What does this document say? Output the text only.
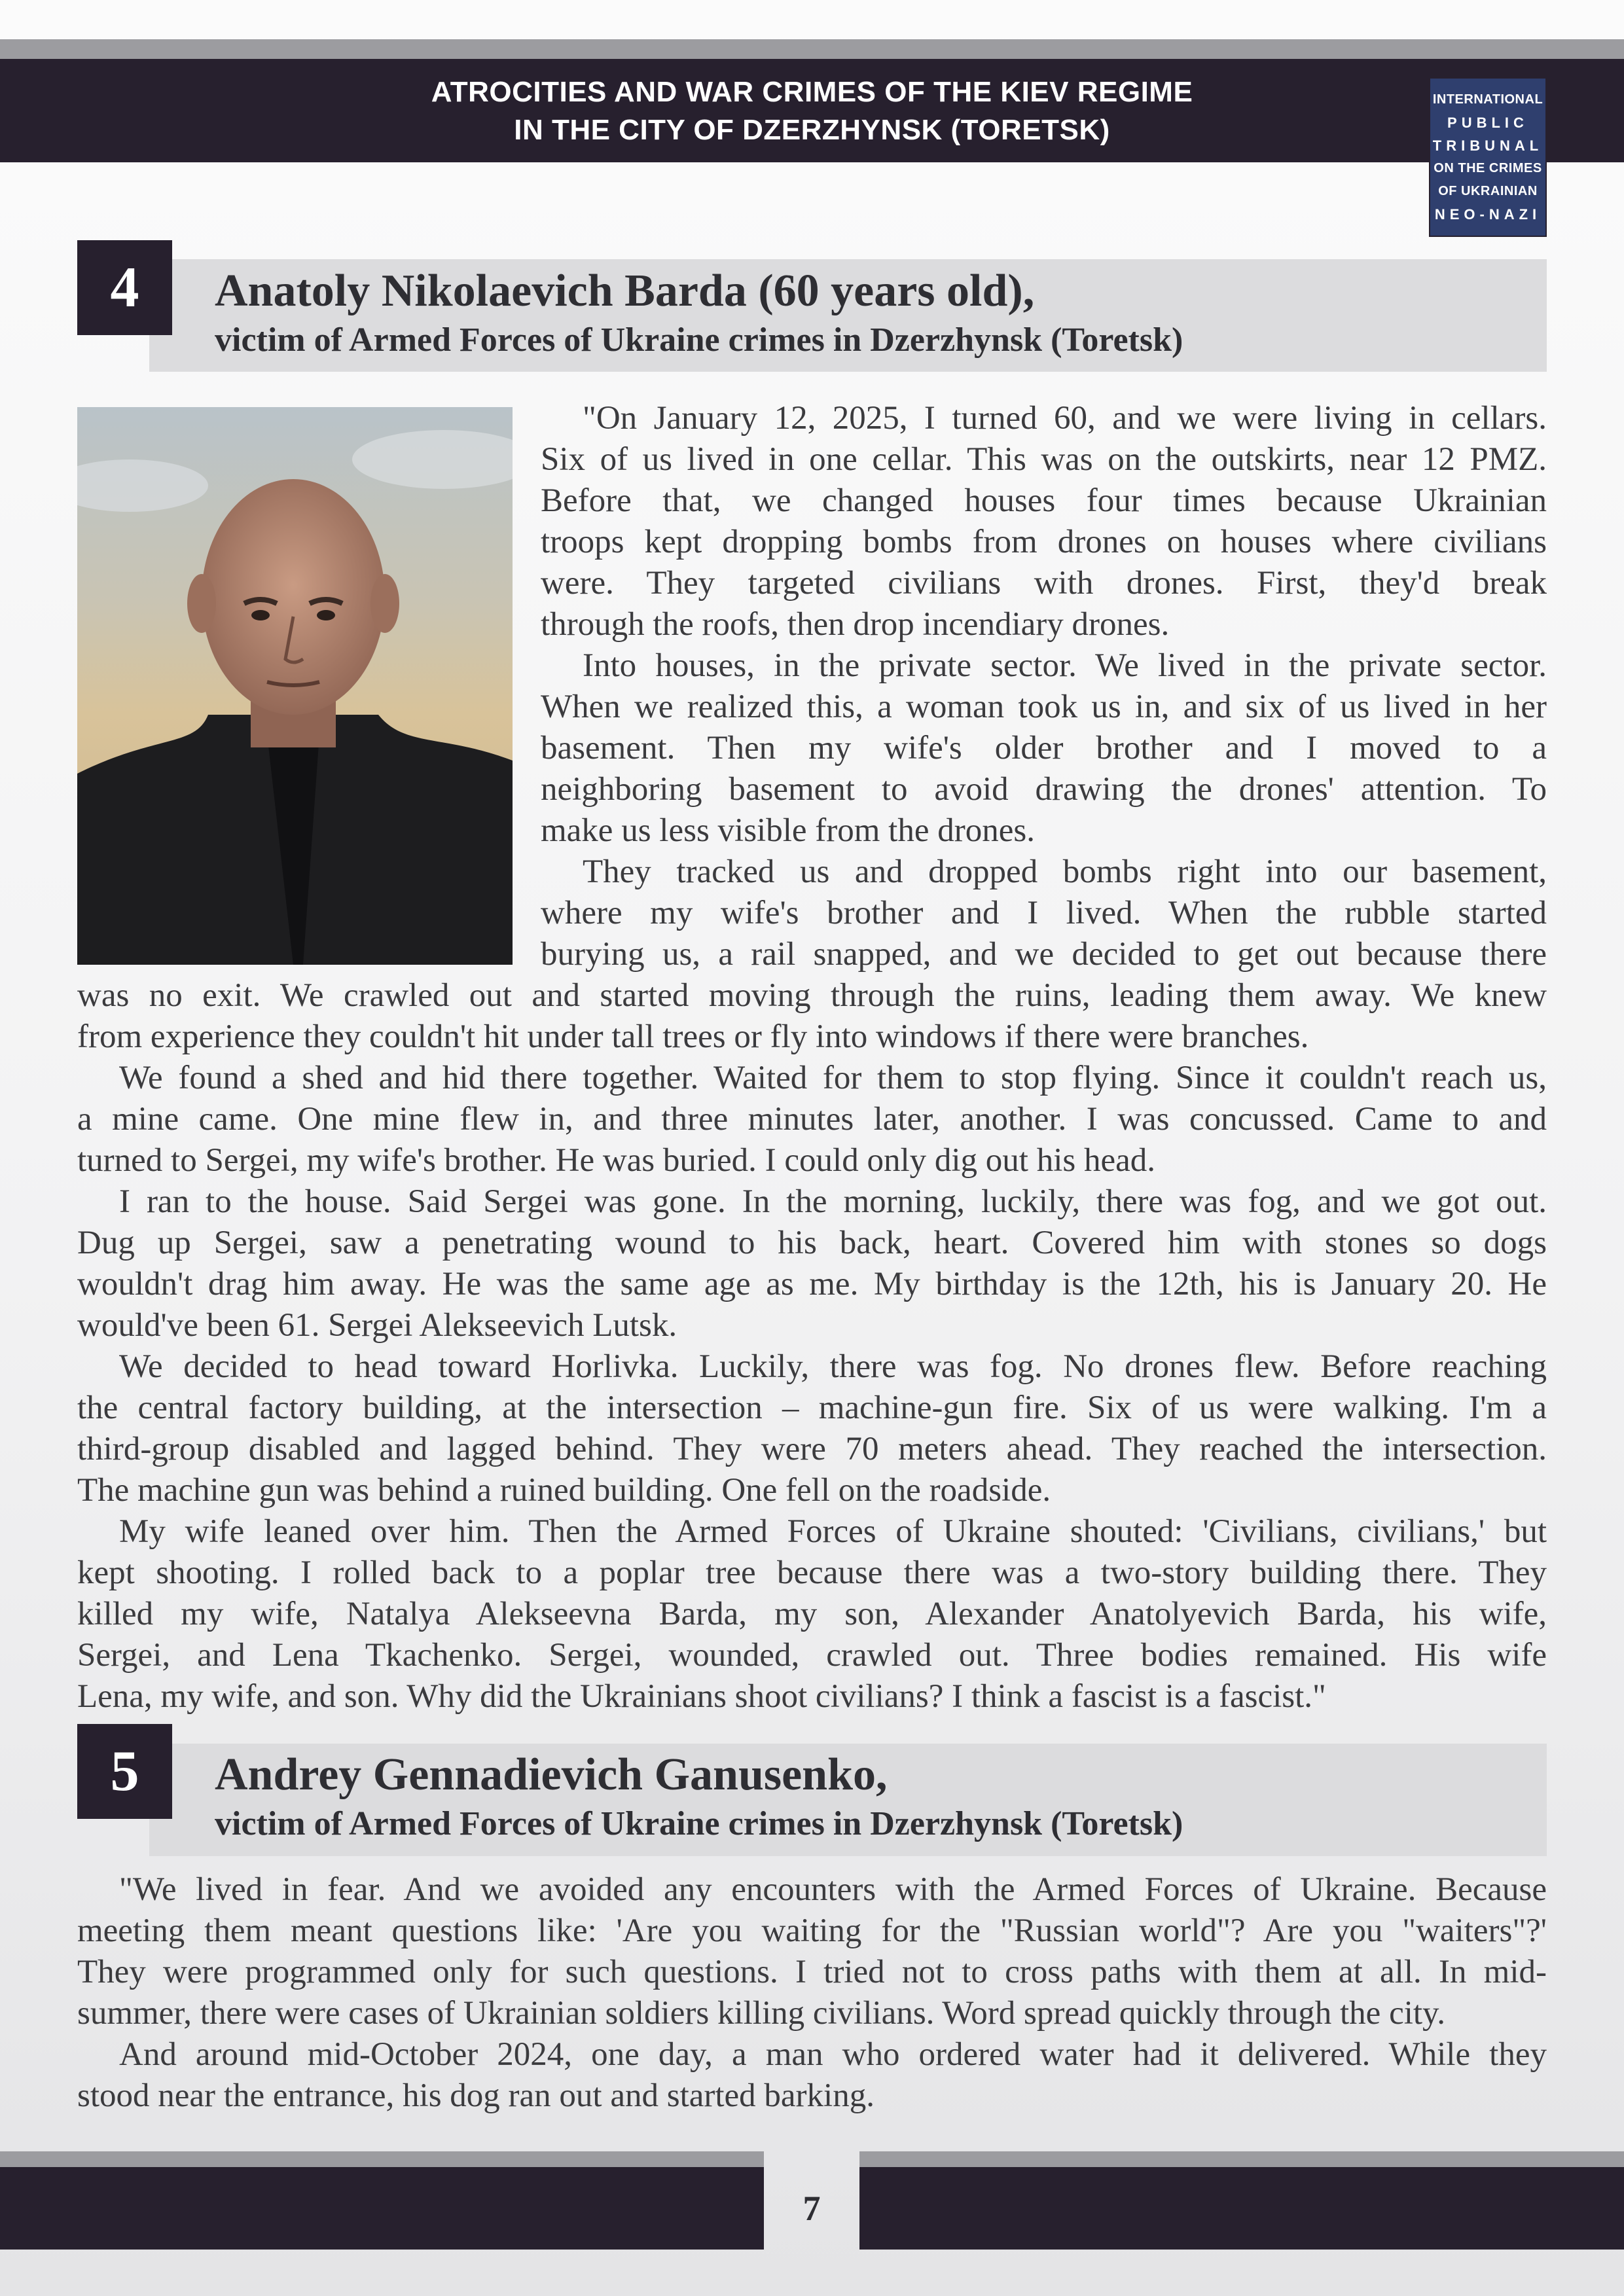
ATROCITIES AND WAR CRIMES OF THE KIEV REGIME
IN THE CITY OF DZERZHYNSK (TORETSK)
INTERNATIONAL
PUBLIC
TRIBUNAL
ON THE CRIMES
OF UKRAINIAN
NEO-NAZI
4	Anatoly Nikolaevich Barda (60 years old),
victim of Armed Forces of Ukraine crimes in Dzerzhynsk (Toretsk)
"On January 12, 2025, I turned 60, and we were living in cellars.
Six of us lived in one cellar. This was on the outskirts, near 12 PMZ.
Before that, we changed houses four times because Ukrainian
troops kept dropping bombs from drones on houses where civilians
were. They targeted civilians with drones. First, they'd break
through the roofs, then drop incendiary drones.
Into houses, in the private sector. We lived in the private sector.
When we realized this, a woman took us in, and six of us lived in her
basement. Then my wife's older brother and I moved to a
neighboring basement to avoid drawing the drones' attention. To
make us less visible from the drones.
They tracked us and dropped bombs right into our basement,
where my wife's brother and I lived. When the rubble started
burying us, a rail snapped, and we decided to get out because there
was no exit. We crawled out and started moving through the ruins, leading them away. We knew
from experience they couldn't hit under tall trees or fly into windows if there were branches.
We found a shed and hid there together. Waited for them to stop flying. Since it couldn't reach us,
a mine came. One mine flew in, and three minutes later, another. I was concussed. Came to and
turned to Sergei, my wife's brother. He was buried. I could only dig out his head.
I ran to the house. Said Sergei was gone. In the morning, luckily, there was fog, and we got out.
Dug up Sergei, saw a penetrating wound to his back, heart. Covered him with stones so dogs
wouldn't drag him away. He was the same age as me. My birthday is the 12th, his is January 20. He
would've been 61. Sergei Alekseevich Lutsk.
We decided to head toward Horlivka. Luckily, there was fog. No drones flew. Before reaching
the central factory building, at the intersection – machine-gun fire. Six of us were walking. I'm a
third-group disabled and lagged behind. They were 70 meters ahead. They reached the intersection.
The machine gun was behind a ruined building. One fell on the roadside.
My wife leaned over him. Then the Armed Forces of Ukraine shouted: 'Civilians, civilians,' but
kept shooting. I rolled back to a poplar tree because there was a two-story building there. They
killed my wife, Natalya Alekseevna Barda, my son, Alexander Anatolyevich Barda, his wife,
Sergei, and Lena Tkachenko. Sergei, wounded, crawled out. Three bodies remained. His wife
Lena, my wife, and son. Why did the Ukrainians shoot civilians? I think a fascist is a fascist."
5	Andrey Gennadievich Ganusenko,
victim of Armed Forces of Ukraine crimes in Dzerzhynsk (Toretsk)
"We lived in fear. And we avoided any encounters with the Armed Forces of Ukraine. Because
meeting them meant questions like: 'Are you waiting for the "Russian world"? Are you "waiters"?'
They were programmed only for such questions. I tried not to cross paths with them at all. In mid-
summer, there were cases of Ukrainian soldiers killing civilians. Word spread quickly through the city.
And around mid-October 2024, one day, a man who ordered water had it delivered. While they
stood near the entrance, his dog ran out and started barking.
7
